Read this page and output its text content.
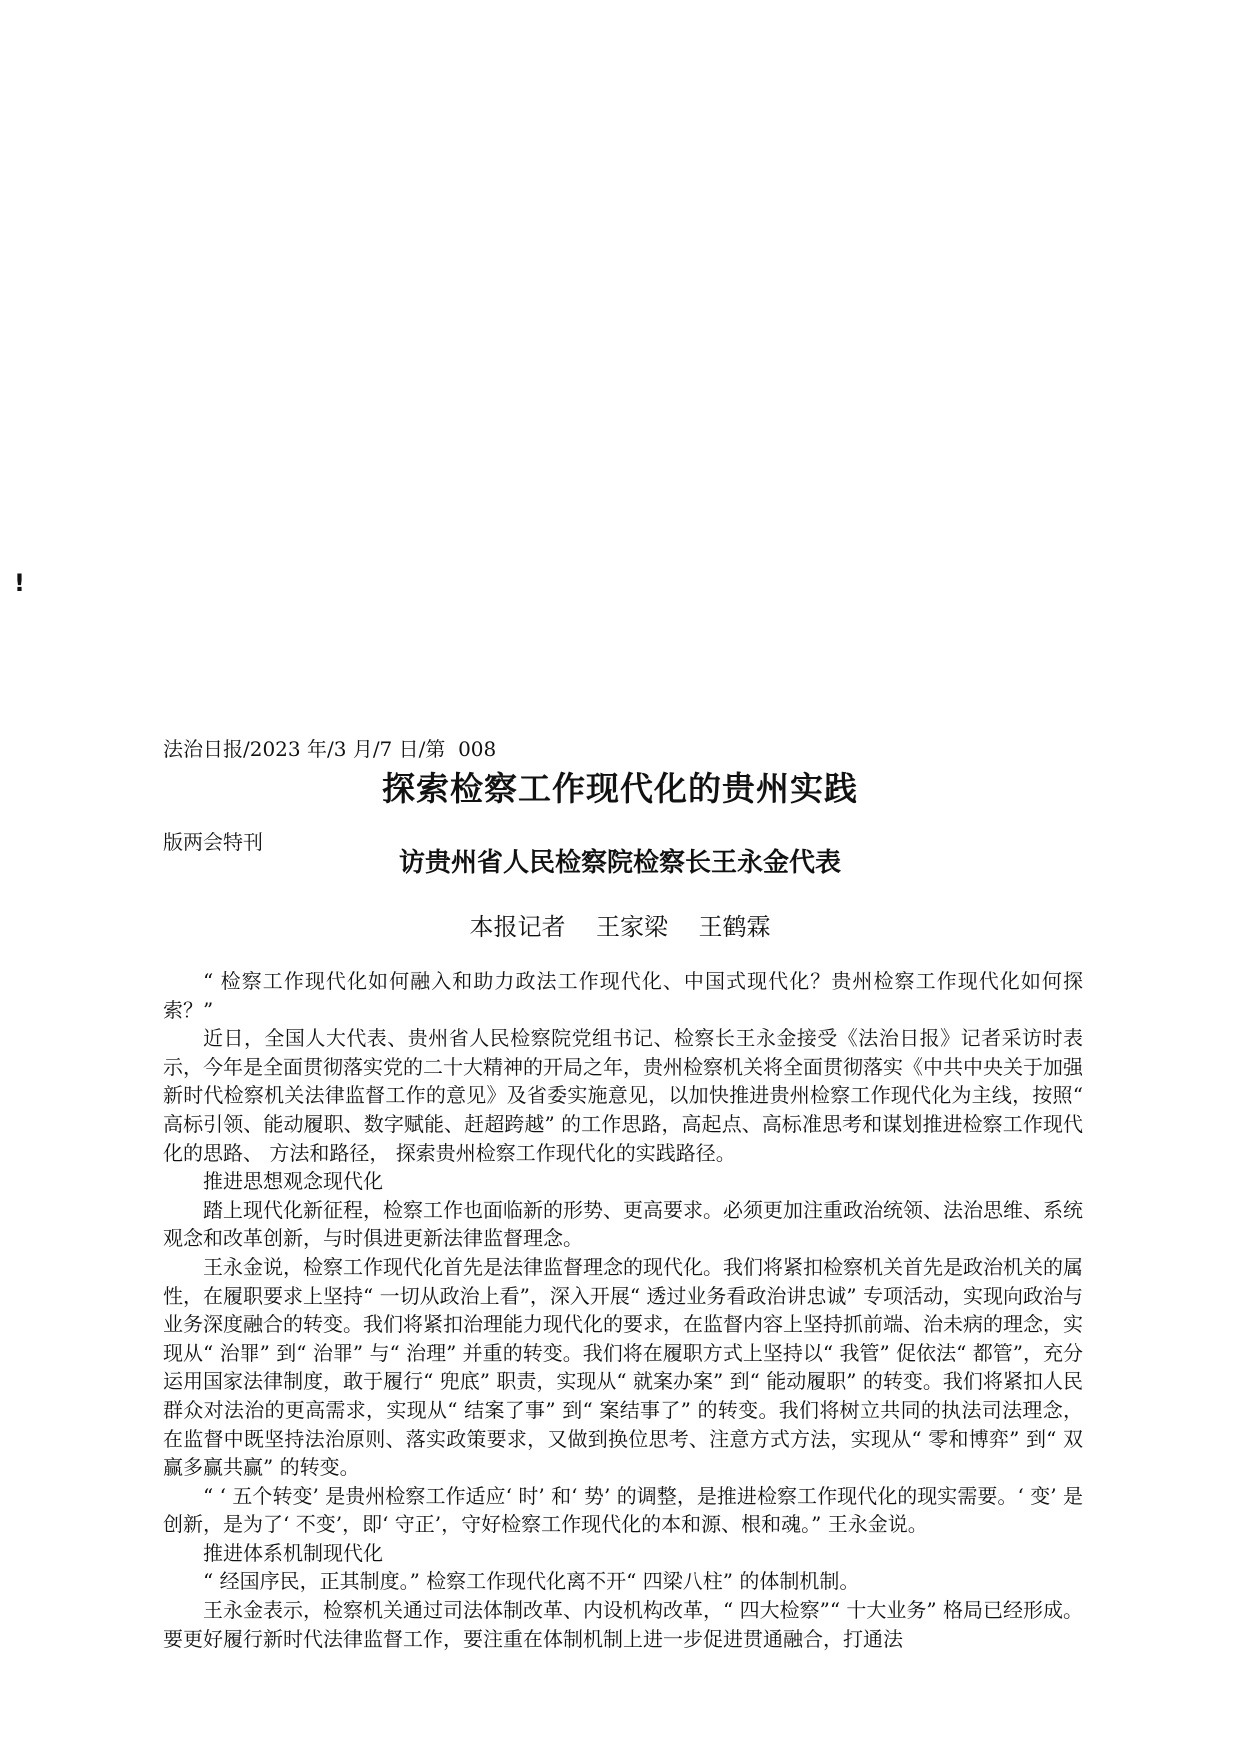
!

法治日报/2023 年/3 月/7 日/第  008

版两会特刊

探索检察工作现代化的贵州实践
访贵州省人民检察院检察长王永金代表
本报记者    王家梁    王鹤霖

“ 检察工作现代化如何融入和助力政法工作现代化、中国式现代化？贵州检察工作现代化如何探索？”

近日，全国人大代表、贵州省人民检察院党组书记、检察长王永金接受《法治日报》记者采访时表示，今年是全面贯彻落实党的二十大精神的开局之年，贵州检察机关将全面贯彻落实《中共中央关于加强新时代检察机关法律监督工作的意见》及省委实施意见，以加快推进贵州检察工作现代化为主线，按照“ 高标引领、能动履职、数字赋能、赶超跨越” 的工作思路，高起点、高标准思考和谋划推进检察工作现代化的思路、 方法和路径， 探索贵州检察工作现代化的实践路径。

推进思想观念现代化

踏上现代化新征程，检察工作也面临新的形势、更高要求。必须更加注重政治统领、法治思维、系统观念和改革创新，与时俱进更新法律监督理念。

王永金说，检察工作现代化首先是法律监督理念的现代化。我们将紧扣检察机关首先是政治机关的属性，在履职要求上坚持“ 一切从政治上看”，深入开展“ 透过业务看政治讲忠诚” 专项活动，实现向政治与业务深度融合的转变。我们将紧扣治理能力现代化的要求，在监督内容上坚持抓前端、治未病的理念，实现从“ 治罪” 到“ 治罪” 与“ 治理” 并重的转变。我们将在履职方式上坚持以“ 我管” 促依法“ 都管”，充分运用国家法律制度，敢于履行“ 兜底” 职责，实现从“ 就案办案” 到“ 能动履职” 的转变。我们将紧扣人民群众对法治的更高需求，实现从“ 结案了事” 到“ 案结事了” 的转变。我们将树立共同的执法司法理念，在监督中既坚持法治原则、落实政策要求，又做到换位思考、注意方式方法，实现从“ 零和博弈” 到“ 双赢多赢共赢” 的转变。

“ ‘ 五个转变’ 是贵州检察工作适应‘ 时’ 和‘ 势’ 的调整，是推进检察工作现代化的现实需要。‘ 变’ 是创新，是为了‘ 不变’，即‘ 守正’，守好检察工作现代化的本和源、根和魂。” 王永金说。

推进体系机制现代化

“ 经国序民，正其制度。” 检察工作现代化离不开“ 四梁八柱” 的体制机制。

王永金表示，检察机关通过司法体制改革、内设机构改革，“ 四大检察”“ 十大业务” 格局已经形成。要更好履行新时代法律监督工作，要注重在体制机制上进一步促进贯通融合，打通法
